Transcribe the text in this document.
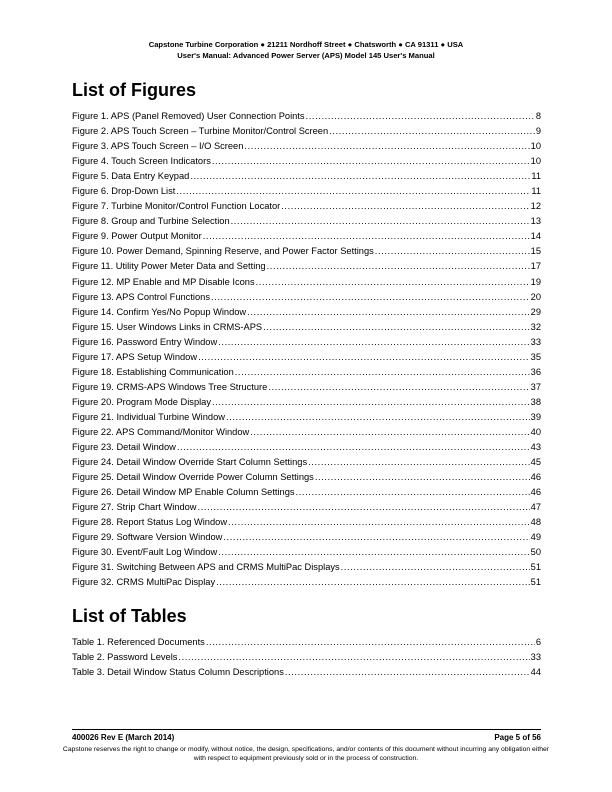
Capstone Turbine Corporation ● 21211 Nordhoff Street ● Chatsworth ● CA 91311 ● USA
User's Manual: Advanced Power Server (APS) Model 145 User's Manual
List of Figures
Figure 1. APS (Panel Removed) User Connection Points .....	8
Figure 2. APS Touch Screen – Turbine Monitor/Control Screen .....	9
Figure 3. APS Touch Screen – I/O Screen .....	10
Figure 4. Touch Screen Indicators .....	10
Figure 5. Data Entry Keypad .....	11
Figure 6. Drop-Down List .....	11
Figure 7. Turbine Monitor/Control Function Locator .....	12
Figure 8. Group and Turbine Selection .....	13
Figure 9. Power Output Monitor .....	14
Figure 10. Power Demand, Spinning Reserve, and Power Factor Settings .....	15
Figure 11. Utility Power Meter Data and Setting .....	17
Figure 12. MP Enable and MP Disable Icons .....	19
Figure 13. APS Control Functions .....	20
Figure 14. Confirm Yes/No Popup Window .....	29
Figure 15. User Windows Links in CRMS-APS .....	32
Figure 16. Password Entry Window .....	33
Figure 17. APS Setup Window .....	35
Figure 18. Establishing Communication .....	36
Figure 19. CRMS-APS Windows Tree Structure .....	37
Figure 20. Program Mode Display .....	38
Figure 21. Individual Turbine Window .....	39
Figure 22. APS Command/Monitor Window .....	40
Figure 23. Detail Window .....	43
Figure 24. Detail Window Override Start Column Settings .....	45
Figure 25. Detail Window Override Power Column Settings .....	46
Figure 26. Detail Window MP Enable Column Settings .....	46
Figure 27. Strip Chart Window .....	47
Figure 28. Report Status Log Window .....	48
Figure 29. Software Version Window .....	49
Figure 30. Event/Fault Log Window .....	50
Figure 31. Switching Between APS and CRMS MultiPac Displays .....	51
Figure 32. CRMS MultiPac Display .....	51
List of Tables
Table 1. Referenced Documents .....	6
Table 2. Password Levels .....	33
Table 3. Detail Window Status Column Descriptions .....	44
400026 Rev E (March 2014)	Page 5 of 56
Capstone reserves the right to change or modify, without notice, the design, specifications, and/or contents of this document without incurring any obligation either with respect to equipment previously sold or in the process of construction.
